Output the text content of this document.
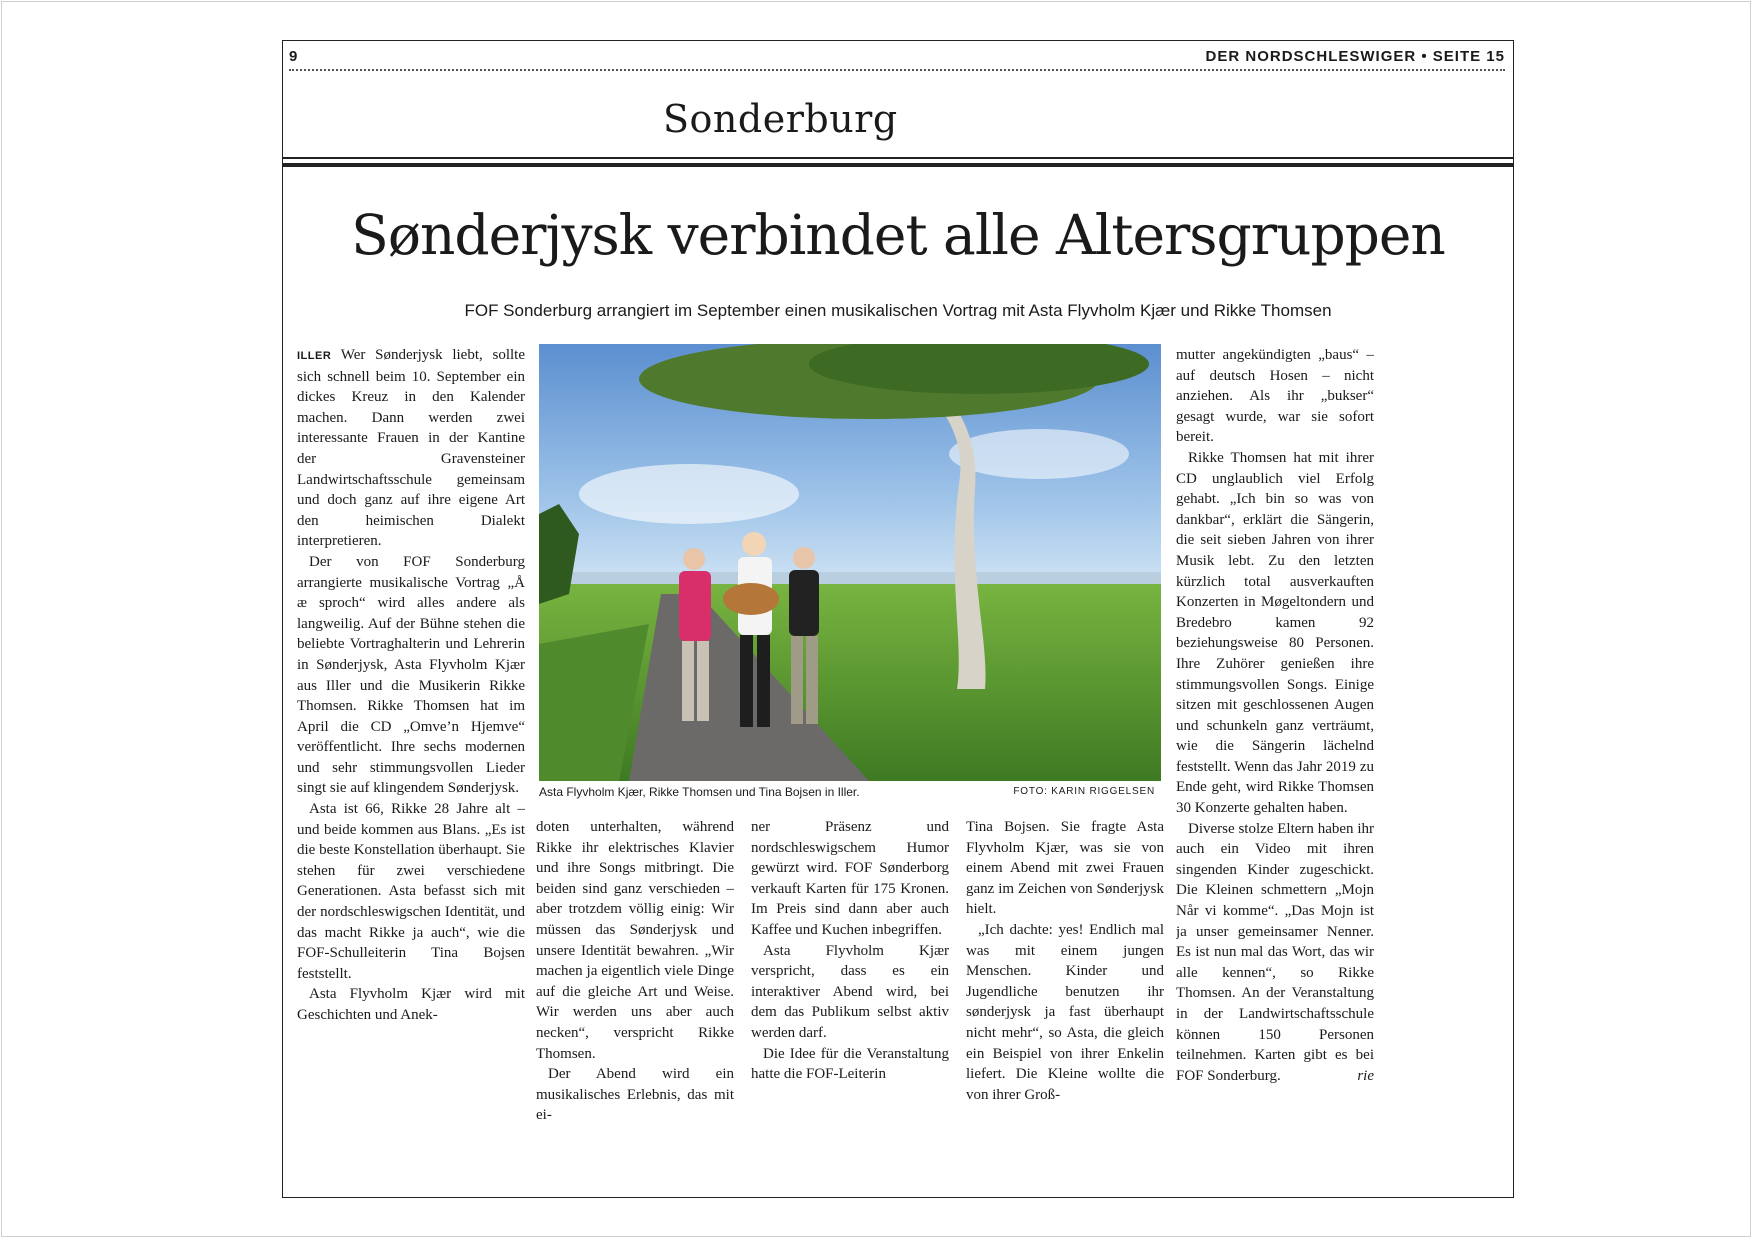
9	DER NORDSCHLESWIGER • SEITE 15
Sonderburg
Sønderjysk verbindet alle Altersgruppen
FOF Sonderburg arrangiert im September einen musikalischen Vortrag mit Asta Flyvholm Kjær und Rikke Thomsen

ILLER Wer Sønderjysk liebt, sollte sich schnell beim 10. September ein dickes Kreuz in den Kalender machen. Dann werden zwei interessante Frauen in der Kantine der Gravensteiner Landwirtschaftsschule gemeinsam und doch ganz auf ihre eigene Art den heimischen Dialekt interpretieren.

Der von FOF Sonderburg arrangierte musikalische Vortrag „Å æ sproch“ wird alles andere als langweilig. Auf der Bühne stehen die beliebte Vortraghalterin und Lehrerin in Sønderjysk, Asta Flyvholm Kjær aus Iller und die Musikerin Rikke Thomsen. Rikke Thomsen hat im April die CD „Omve’n Hjemve“ veröffentlicht. Ihre sechs modernen und sehr stimmungsvollen Lieder singt sie auf klingendem Sønderjysk.

Asta ist 66, Rikke 28 Jahre alt – und beide kommen aus Blans. „Es ist die beste Konstellation überhaupt. Sie stehen für zwei verschiedene Generationen. Asta befasst sich mit der nordschleswigschen Identität, und das macht Rikke ja auch“, wie die FOF-Schulleiterin Tina Bojsen feststellt.

Asta Flyvholm Kjær wird mit Geschichten und Anek-

Asta Flyvholm Kjær, Rikke Thomsen und Tina Bojsen in Iller.	FOTO: KARIN RIGGELSEN

doten unterhalten, während Rikke ihr elektrisches Klavier und ihre Songs mitbringt. Die beiden sind ganz verschieden – aber trotzdem völlig einig: Wir müssen das Sønderjysk und unsere Identität bewahren. „Wir machen ja eigentlich viele Dinge auf die gleiche Art und Weise. Wir werden uns aber auch necken“, verspricht Rikke Thomsen.

Der Abend wird ein musikalisches Erlebnis, das mit ei-

ner Präsenz und nordschleswigschem Humor gewürzt wird. FOF Sønderborg verkauft Karten für 175 Kronen. Im Preis sind dann aber auch Kaffee und Kuchen inbegriffen.

Asta Flyvholm Kjær verspricht, dass es ein interaktiver Abend wird, bei dem das Publikum selbst aktiv werden darf.

Die Idee für die Veranstaltung hatte die FOF-Leiterin

Tina Bojsen. Sie fragte Asta Flyvholm Kjær, was sie von einem Abend mit zwei Frauen ganz im Zeichen von Sønderjysk hielt.

„Ich dachte: yes! Endlich mal was mit einem jungen Menschen. Kinder und Jugendliche benutzen ihr sønderjysk ja fast überhaupt nicht mehr“, so Asta, die gleich ein Beispiel von ihrer Enkelin liefert. Die Kleine wollte die von ihrer Groß-

mutter angekündigten „baus“ – auf deutsch Hosen – nicht anziehen. Als ihr „bukser“ gesagt wurde, war sie sofort bereit.

Rikke Thomsen hat mit ihrer CD unglaublich viel Erfolg gehabt. „Ich bin so was von dankbar“, erklärt die Sängerin, die seit sieben Jahren von ihrer Musik lebt. Zu den letzten kürzlich total ausverkauften Konzerten in Møgeltondern und Bredebro kamen 92 beziehungsweise 80 Personen. Ihre Zuhörer genießen ihre stimmungsvollen Songs. Einige sitzen mit geschlossenen Augen und schunkeln ganz verträumt, wie die Sängerin lächelnd feststellt. Wenn das Jahr 2019 zu Ende geht, wird Rikke Thomsen 30 Konzerte gehalten haben.

Diverse stolze Eltern haben ihr auch ein Video mit ihren singenden Kinder zugeschickt. Die Kleinen schmettern „Mojn Når vi komme“. „Das Mojn ist ja unser gemeinsamer Nenner. Es ist nun mal das Wort, das wir alle kennen“, so Rikke Thomsen. An der Veranstaltung in der Landwirtschaftsschule können 150 Personen teilnehmen. Karten gibt es bei FOF Sonderburg.	rie
